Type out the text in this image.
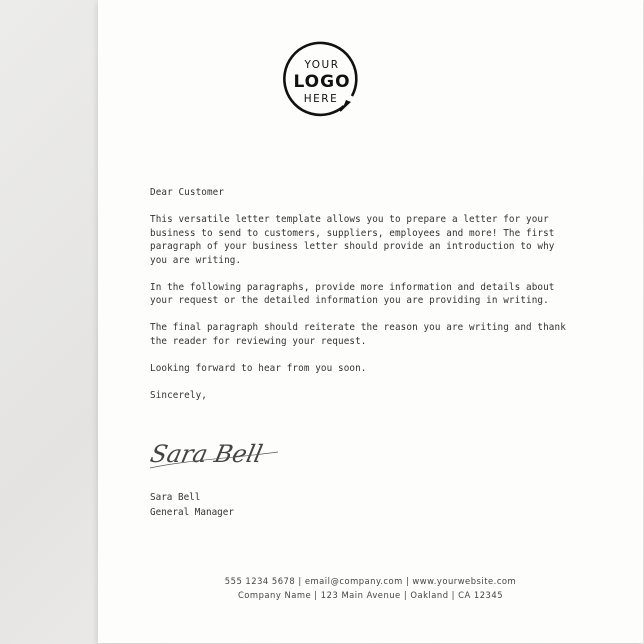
YOUR
LOGO
HERE

Dear Customer

This versatile letter template allows you to prepare a letter for your business to send to customers, suppliers, employees and more! The first paragraph of your business letter should provide an introduction to why you are writing.

In the following paragraphs, provide more information and details about your request or the detailed information you are providing in writing.

The final paragraph should reiterate the reason you are writing and thank the reader for reviewing your request.

Looking forward to hear from you soon.

Sincerely,

Sara Bell
Sara Bell
General Manager
555 1234 5678 | email@company.com | www.yourwebsite.com
Company Name | 123 Main Avenue | Oakland | CA 12345
